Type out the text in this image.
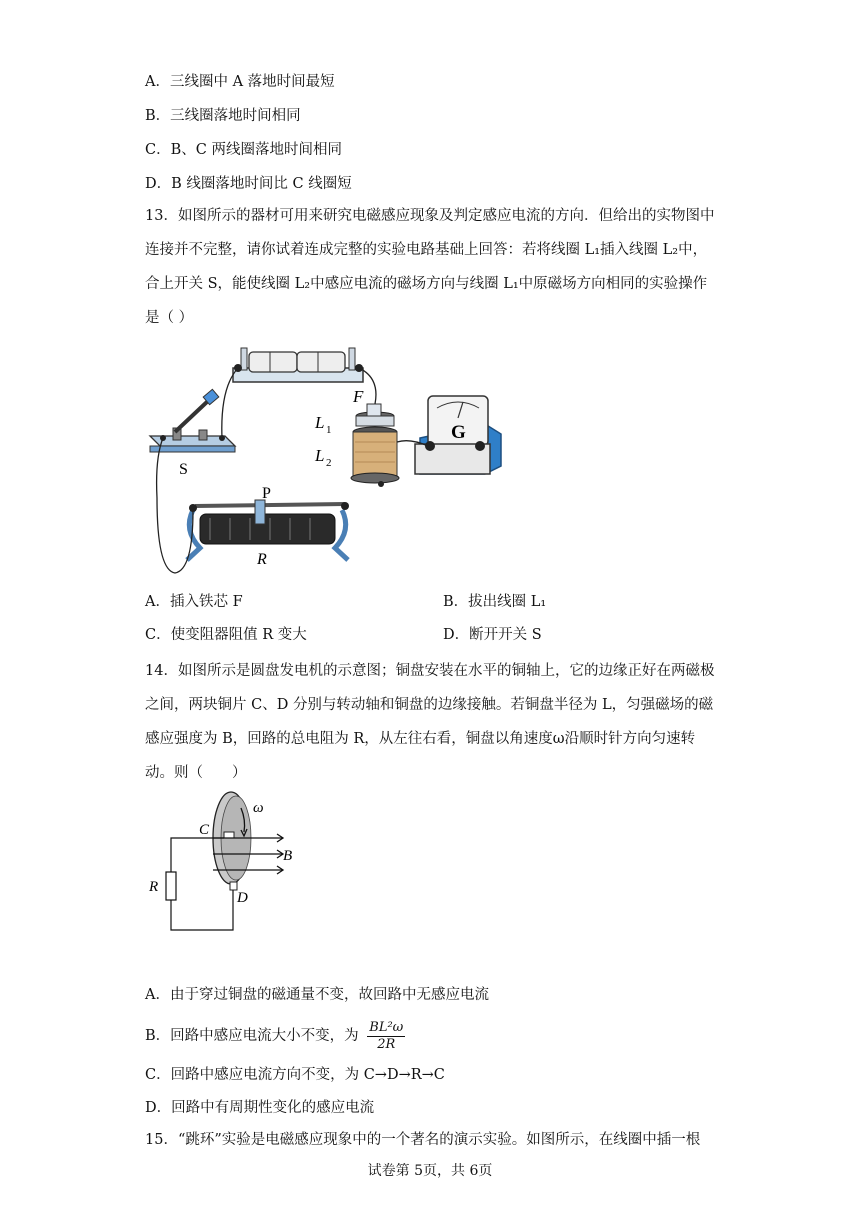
A．三线圈中 A 落地时间最短
B．三线圈落地时间相同
C．B、C 两线圈落地时间相同
D．B 线圈落地时间比 C 线圈短
13．如图所示的器材可用来研究电磁感应现象及判定感应电流的方向．但给出的实物图中连接并不完整，请你试着连成完整的实验电路基础上回答：若将线圈 L₁插入线圈 L₂中，合上开关 S，能使线圈 L₂中感应电流的磁场方向与线圈 L₁中原磁场方向相同的实验操作是（ ）
G
S
F
L 1
L 2
P
R
A．插入铁芯 F	B．拔出线圈 L₁
C．使变阻器阻值 R 变大	D．断开开关 S
14．如图所示是圆盘发电机的示意图；铜盘安装在水平的铜轴上，它的边缘正好在两磁极之间，两块铜片 C、D 分别与转动轴和铜盘的边缘接触。若铜盘半径为 L，匀强磁场的磁感应强度为 B，回路的总电阻为 R，从左往右看，铜盘以角速度ω沿顺时针方向匀速转动。则（　　）
ω
C
B
R
D
A．由于穿过铜盘的磁通量不变，故回路中无感应电流
B．回路中感应电流大小不变，为 $\frac{\text{BL²ω}}{2R}$
C．回路中感应电流方向不变，为 C→D→R→C
D．回路中有周期性变化的感应电流
15．“跳环”实验是电磁感应现象中的一个著名的演示实验。如图所示，在线圈中插一根
试卷第 5页，共 6页
